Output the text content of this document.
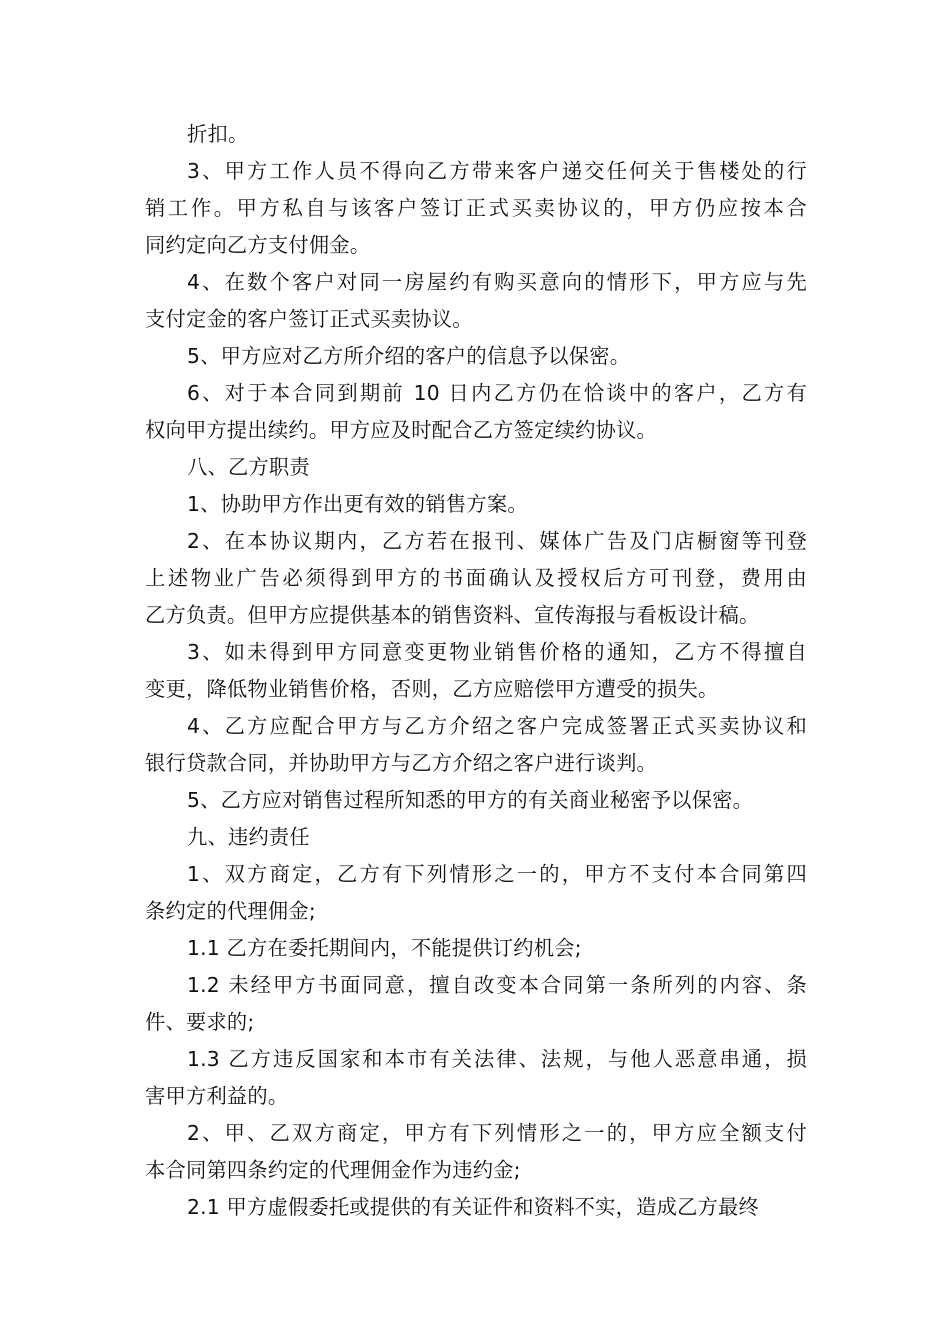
折扣。

3、甲方工作人员不得向乙方带来客户递交任何关于售楼处的行
销工作。甲方私自与该客户签订正式买卖协议的，甲方仍应按本合
同约定向乙方支付佣金。

4、在数个客户对同一房屋约有购买意向的情形下，甲方应与先
支付定金的客户签订正式买卖协议。

5、甲方应对乙方所介绍的客户的信息予以保密。

6、对于本合同到期前 10 日内乙方仍在恰谈中的客户，乙方有
权向甲方提出续约。甲方应及时配合乙方签定续约协议。

八、乙方职责

1、协助甲方作出更有效的销售方案。

2、在本协议期内，乙方若在报刊、媒体广告及门店橱窗等刊登
上述物业广告必须得到甲方的书面确认及授权后方可刊登，费用由
乙方负责。但甲方应提供基本的销售资料、宣传海报与看板设计稿。

3、如未得到甲方同意变更物业销售价格的通知，乙方不得擅自
变更，降低物业销售价格，否则，乙方应赔偿甲方遭受的损失。

4、乙方应配合甲方与乙方介绍之客户完成签署正式买卖协议和
银行贷款合同，并协助甲方与乙方介绍之客户进行谈判。

5、乙方应对销售过程所知悉的甲方的有关商业秘密予以保密。

九、违约责任

1、双方商定，乙方有下列情形之一的，甲方不支付本合同第四
条约定的代理佣金;

1.1 乙方在委托期间内，不能提供订约机会;

1.2 未经甲方书面同意，擅自改变本合同第一条所列的内容、条
件、要求的;

1.3 乙方违反国家和本市有关法律、法规，与他人恶意串通，损
害甲方利益的。

2、甲、乙双方商定，甲方有下列情形之一的，甲方应全额支付
本合同第四条约定的代理佣金作为违约金;

2.1 甲方虚假委托或提供的有关证件和资料不实，造成乙方最终
